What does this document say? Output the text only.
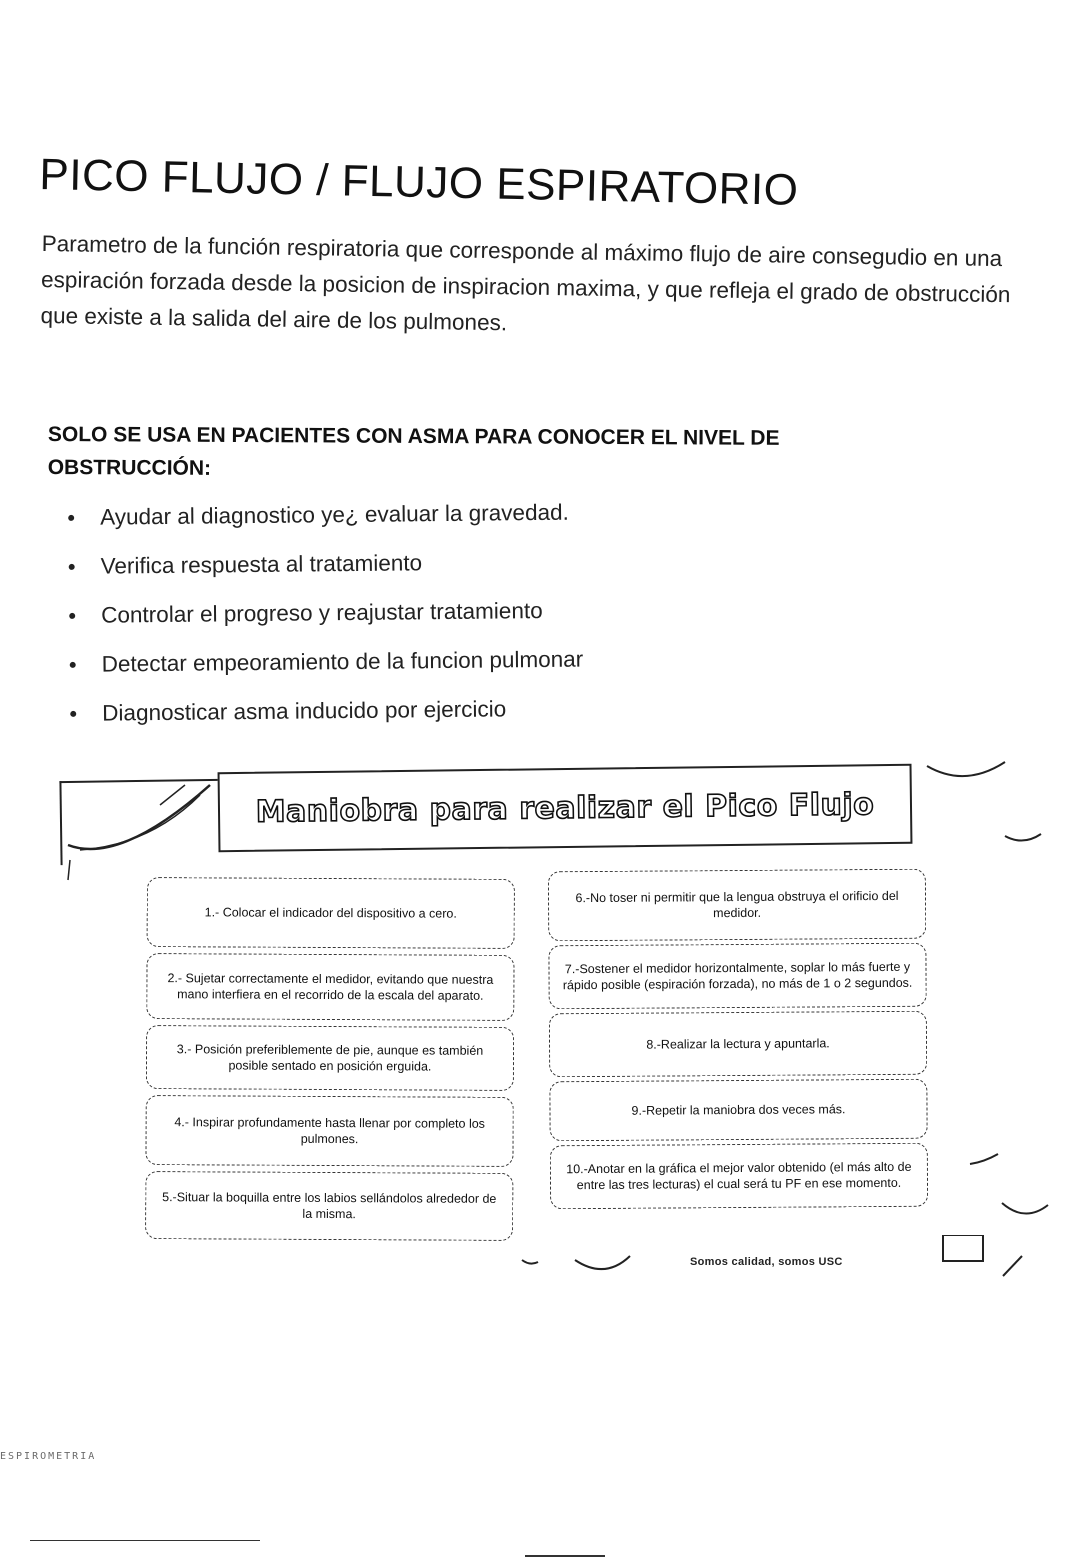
PICO FLUJO / FLUJO ESPIRATORIO

Parametro de la función respiratoria que corresponde al máximo flujo de aire consegudio en una espiración forzada desde la posicion de inspiracion maxima, y que refleja el grado de obstrucción que existe a la salida del aire de los pulmones.

SOLO SE USA EN PACIENTES CON ASMA PARA CONOCER EL NIVEL DE OBSTRUCCIÓN:

Ayudar al diagnostico ye¿ evaluar la gravedad.
Verifica respuesta al tratamiento
Controlar el progreso y reajustar tratamiento
Detectar empeoramiento de la funcion pulmonar
Diagnosticar asma inducido por ejercicio
Maniobra para realizar el Pico Flujo
1.- Colocar el indicador del dispositivo a cero.
2.- Sujetar correctamente el medidor, evitando que nuestra mano interfiera en el recorrido de la escala del aparato.
3.- Posición preferiblemente de pie, aunque es también posible sentado en posición erguida.
4.- Inspirar profundamente hasta llenar por completo los pulmones.
5.-Situar la boquilla entre los labios sellándolos alrededor de la misma.
6.-No toser ni permitir que la lengua obstruya el orificio del medidor.
7.-Sostener el medidor horizontalmente, soplar lo más fuerte y rápido posible (espiración forzada), no más de 1 o 2 segundos.
8.-Realizar la lectura y apuntarla.
9.-Repetir la maniobra dos veces más.
10.-Anotar en la gráfica el mejor valor obtenido (el más alto de entre las tres lecturas) el cual será tu PF en ese momento.
Somos calidad, somos USC
ESPIROMETRIA
